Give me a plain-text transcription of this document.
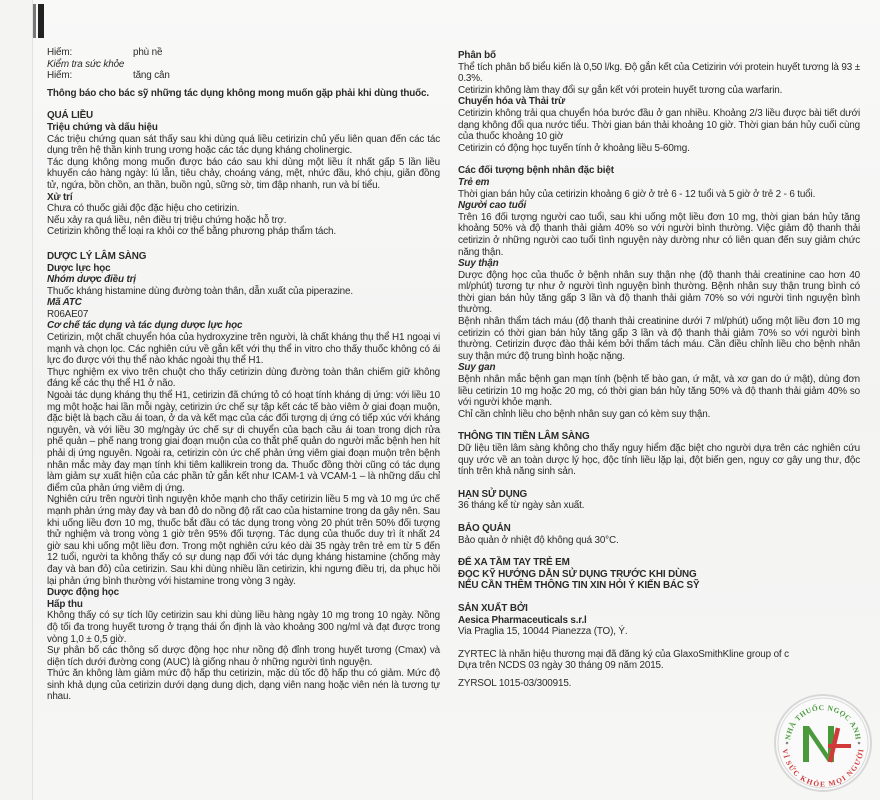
Hiếm:	phù nề
Kiểm tra sức khỏe
Hiếm:	tăng cân

Thông báo cho bác sỹ những tác dụng không mong muốn gặp phải khi dùng thuốc.

QUÁ LIỀU

Triệu chứng và dấu hiệu

Các triệu chứng quan sát thấy sau khi dùng quá liều cetirizin chủ yếu liên quan đến các tác dụng trên hệ thần kinh trung ương hoặc các tác dụng kháng cholinergic.

Tác dụng không mong muốn được báo cáo sau khi dùng một liều ít nhất gấp 5 lần liều khuyến cáo hàng ngày: lú lẫn, tiêu chảy, choáng váng, mệt, nhức đầu, khó chịu, giãn đồng tử, ngứa, bồn chồn, an thần, buồn ngủ, sững sờ, tim đập nhanh, run và bí tiểu.

Xử trí

Chưa có thuốc giải độc đặc hiệu cho cetirizin.

Nếu xảy ra quá liều, nên điều trị triệu chứng hoặc hỗ trợ.

Cetirizin không thể loại ra khỏi cơ thể bằng phương pháp thẩm tách.

DƯỢC LÝ LÂM SÀNG

Dược lực học

Nhóm dược điều trị

Thuốc kháng histamine dùng đường toàn thân, dẫn xuất của piperazine.

Mã ATC

R06AE07

Cơ chế tác dụng và tác dụng dược lực học

Cetirizin, một chất chuyển hóa của hydroxyzine trên người, là chất kháng thụ thể H1 ngoại vi mạnh và chọn lọc. Các nghiên cứu về gắn kết với thụ thể in vitro cho thấy thuốc không có ái lực đo được với thụ thể nào khác ngoài thụ thể H1.

Thực nghiệm ex vivo trên chuột cho thấy cetirizin dùng đường toàn thân chiếm giữ không đáng kể các thụ thể H1 ở não.

Ngoài tác dụng kháng thụ thể H1, cetirizin đã chứng tỏ có hoạt tính kháng dị ứng: với liều 10 mg một hoặc hai lần mỗi ngày, cetirizin ức chế sự tập kết các tế bào viêm ở giai đoạn muộn, đặc biệt là bạch cầu ái toan, ở da và kết mạc của các đối tượng dị ứng có tiếp xúc với kháng nguyên, và với liều 30 mg/ngày ức chế sự di chuyển của bạch cầu ái toan trong dịch rửa phế quản – phế nang trong giai đoạn muộn của co thắt phế quản do người mắc bệnh hen hít phải dị ứng nguyên. Ngoài ra, cetirizin còn ức chế phản ứng viêm giai đoạn muộn trên bệnh nhân mắc mày đay mạn tính khi tiêm kallikrein trong da. Thuốc đồng thời cũng có tác dụng làm giảm sự xuất hiện của các phần tử gắn kết như ICAM-1 và VCAM-1 – là những dấu chỉ điểm của phản ứng viêm dị ứng.

Nghiên cứu trên người tình nguyện khỏe mạnh cho thấy cetirizin liều 5 mg và 10 mg ức chế mạnh phản ứng mày đay và ban đỏ do nồng độ rất cao của histamine trong da gây nên. Sau khi uống liều đơn 10 mg, thuốc bắt đầu có tác dụng trong vòng 20 phút trên 50% đối tượng thử nghiệm và trong vòng 1 giờ trên 95% đối tượng. Tác dụng của thuốc duy trì ít nhất 24 giờ sau khi uống một liều đơn. Trong một nghiên cứu kéo dài 35 ngày trên trẻ em từ 5 đến 12 tuổi, người ta không thấy có sự dung nạp đối với tác dụng kháng histamine (chống mày đay và ban đỏ) của cetirizin. Sau khi dùng nhiều lần cetirizin, khi ngưng điều trị, da phục hồi lại phản ứng bình thường với histamine trong vòng 3 ngày.

Dược động học

Hấp thu

Không thấy có sự tích lũy cetirizin sau khi dùng liều hàng ngày 10 mg trong 10 ngày. Nồng độ tối đa trong huyết tương ở trạng thái ổn định là vào khoảng 300 ng/ml và đạt được trong vòng 1,0 ± 0,5 giờ.

Sự phân bố các thông số dược động học như nồng độ đỉnh trong huyết tương (Cmax) và diện tích dưới đường cong (AUC) là giống nhau ở những người tình nguyện.

Thức ăn không làm giảm mức độ hấp thu cetirizin, mặc dù tốc độ hấp thu có giảm. Mức độ sinh khả dụng của cetirizin dưới dạng dung dịch, dạng viên nang hoặc viên nén là tương tự nhau.

Phân bố

Thể tích phân bố biểu kiến là 0,50 l/kg. Độ gắn kết của Cetizirin với protein huyết tương là 93 ± 0.3%.

Cetirizin không làm thay đổi sự gắn kết với protein huyết tương của warfarin.

Chuyển hóa và Thải trừ

Cetirizin không trải qua chuyển hóa bước đầu ở gan nhiều. Khoảng 2/3 liều được bài tiết dưới dạng không đổi qua nước tiểu. Thời gian bán thải khoảng 10 giờ. Thời gian bán hủy cuối cùng của thuốc khoảng 10 giờ

Cetirizin có động học tuyến tính ở khoảng liều 5-60mg.

Các đối tượng bệnh nhân đặc biệt

Trẻ em

Thời gian bán hủy của cetirizin khoảng 6 giờ ở trẻ 6 - 12 tuổi và 5 giờ ở trẻ 2 - 6 tuổi.

Người cao tuổi

Trên 16 đối tượng người cao tuổi, sau khi uống một liều đơn 10 mg, thời gian bán hủy tăng khoảng 50% và độ thanh thải giảm 40% so với người bình thường. Việc giảm độ thanh thải cetirizin ở những người cao tuổi tình nguyện này dường như có liên quan đến suy giảm chức năng thận.

Suy thận

Dược động học của thuốc ở bệnh nhân suy thận nhẹ (độ thanh thải creatinine cao hơn 40 ml/phút) tương tự như ở người tình nguyện bình thường. Bệnh nhân suy thận trung bình có thời gian bán hủy tăng gấp 3 lần và độ thanh thải giảm 70% so với người tình nguyện bình thường.

Bệnh nhân thẩm tách máu (độ thanh thải creatinine dưới 7 ml/phút) uống một liều đơn 10 mg cetirizin có thời gian bán hủy tăng gấp 3 lần và độ thanh thải giảm 70% so với người bình thường. Cetirizin được đào thải kém bởi thẩm tách máu. Cần điều chỉnh liều cho bệnh nhân suy thận mức độ trung bình hoặc nặng.

Suy gan

Bệnh nhân mắc bệnh gan mạn tính (bệnh tế bào gan, ứ mật, và xơ gan do ứ mật), dùng đơn liều cetirizin 10 mg hoặc 20 mg, có thời gian bán hủy tăng 50% và độ thanh thải giảm 40% so với người khỏe mạnh.

Chỉ cần chỉnh liều cho bệnh nhân suy gan có kèm suy thận.

THÔNG TIN TIỀN LÂM SÀNG

Dữ liệu tiền lâm sàng không cho thấy nguy hiểm đặc biệt cho người dựa trên các nghiên cứu quy ước về an toàn dược lý học, độc tính liều lặp lại, đột biến gen, nguy cơ gây ung thư, độc tính trên khả năng sinh sản.

HẠN SỬ DỤNG

36 tháng kể từ ngày sản xuất.

BẢO QUẢN

Bảo quản ở nhiệt độ không quá 30°C.

ĐỂ XA TẦM TAY TRẺ EM

ĐỌC KỸ HƯỚNG DẪN SỬ DỤNG TRƯỚC KHI DÙNG

NẾU CẦN THÊM THÔNG TIN XIN HỎI Ý KIẾN BÁC SỸ

SẢN XUẤT BỞI

Aesica Pharmaceuticals s.r.l

Via Praglia 15, 10044 Pianezza (TO), Ý.

ZYRTEC là nhãn hiệu thương mại đã đăng ký của GlaxoSmithKline group of c

Dựa trên NCDS 03 ngày 30 tháng 09 năm 2015.

ZYRSOL 1015-03/300915.

NHÀ THUỐC NGỌC ANH
VÌ SỨC KHỎE MỌI NGƯỜI
